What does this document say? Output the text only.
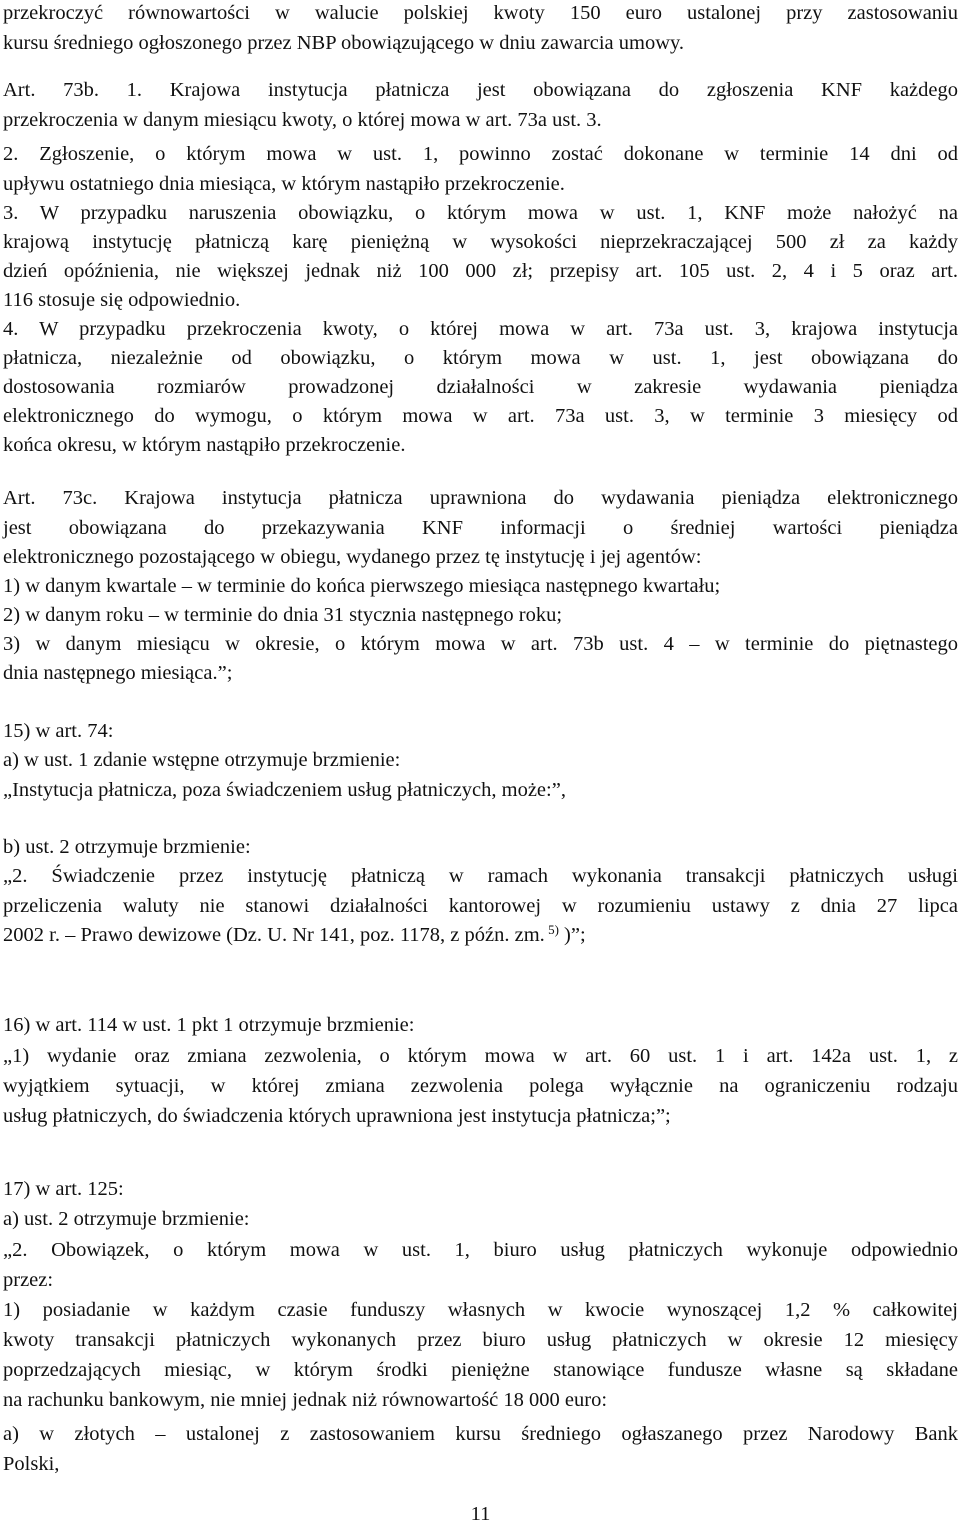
przekroczyć równowartości w walucie polskiej kwoty 150 euro ustalonej przy zastosowaniu
kursu średniego ogłoszonego przez NBP obowiązującego w dniu zawarcia umowy.
Art. 73b. 1. Krajowa instytucja płatnicza jest obowiązana do zgłoszenia KNF każdego
przekroczenia w danym miesiącu kwoty, o której mowa w art. 73a ust. 3.
2. Zgłoszenie, o którym mowa w ust. 1, powinno zostać dokonane w terminie 14 dni od
upływu ostatniego dnia miesiąca, w którym nastąpiło przekroczenie.
3. W przypadku naruszenia obowiązku, o którym mowa w ust. 1, KNF może nałożyć na
krajową instytucję płatniczą karę pieniężną w wysokości nieprzekraczającej 500 zł za każdy
dzień opóźnienia, nie większej jednak niż 100 000 zł; przepisy art. 105 ust. 2, 4 i 5 oraz art.
116 stosuje się odpowiednio.
4. W przypadku przekroczenia kwoty, o której mowa w art. 73a ust. 3, krajowa instytucja
płatnicza, niezależnie od obowiązku, o którym mowa w ust. 1, jest obowiązana do
dostosowania rozmiarów prowadzonej działalności w zakresie wydawania pieniądza
elektronicznego do wymogu, o którym mowa w art. 73a ust. 3, w terminie 3 miesięcy od
końca okresu, w którym nastąpiło przekroczenie.
Art. 73c. Krajowa instytucja płatnicza uprawniona do wydawania pieniądza elektronicznego
jest obowiązana do przekazywania KNF informacji o średniej wartości pieniądza
elektronicznego pozostającego w obiegu, wydanego przez tę instytucję i jej agentów:
1) w danym kwartale – w terminie do końca pierwszego miesiąca następnego kwartału;
2) w danym roku – w terminie do dnia 31 stycznia następnego roku;
3) w danym miesiącu w okresie, o którym mowa w art. 73b ust. 4 – w terminie do piętnastego
dnia następnego miesiąca.”;
15) w art. 74:
a) w ust. 1 zdanie wstępne otrzymuje brzmienie:
„Instytucja płatnicza, poza świadczeniem usług płatniczych, może:”,
b) ust. 2 otrzymuje brzmienie:
„2. Świadczenie przez instytucję płatniczą w ramach wykonania transakcji płatniczych usługi
przeliczenia waluty nie stanowi działalności kantorowej w rozumieniu ustawy z dnia 27 lipca
2002 r. – Prawo dewizowe (Dz. U. Nr 141, poz. 1178, z późn. zm. $^{5)}$ )”;
16) w art. 114 w ust. 1 pkt 1 otrzymuje brzmienie:
„1) wydanie oraz zmiana zezwolenia, o którym mowa w art. 60 ust. 1 i art. 142a ust. 1, z
wyjątkiem sytuacji, w której zmiana zezwolenia polega wyłącznie na ograniczeniu rodzaju
usług płatniczych, do świadczenia których uprawniona jest instytucja płatnicza;”;
17) w art. 125:
a) ust. 2 otrzymuje brzmienie:
„2. Obowiązek, o którym mowa w ust. 1, biuro usług płatniczych wykonuje odpowiednio
przez:
1) posiadanie w każdym czasie funduszy własnych w kwocie wynoszącej 1,2 % całkowitej
kwoty transakcji płatniczych wykonanych przez biuro usług płatniczych w okresie 12 miesięcy
poprzedzających miesiąc, w którym środki pieniężne stanowiące fundusze własne są składane
na rachunku bankowym, nie mniej jednak niż równowartość 18 000 euro:
a) w złotych – ustalonej z zastosowaniem kursu średniego ogłaszanego przez Narodowy Bank
Polski,
11
